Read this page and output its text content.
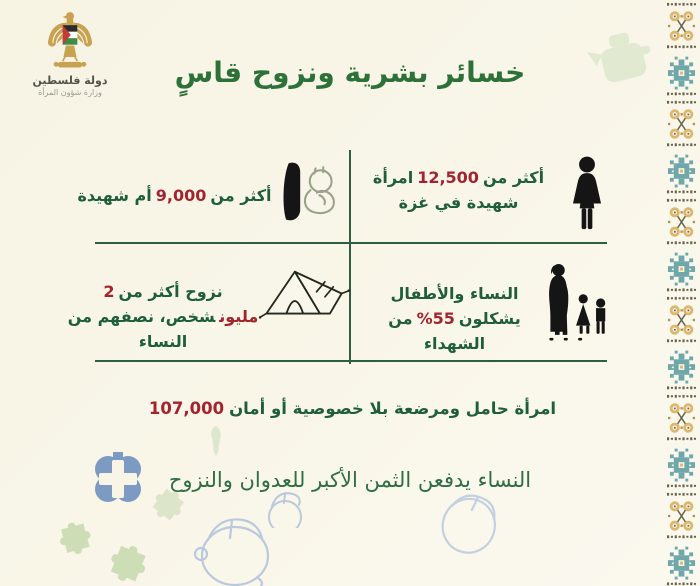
دولة فلسطين
وزارة شؤون المرأة
خسائر بشرية ونزوح قاسٍ
أكثر من12,500امرأة شهيدة في غزة
أكثر من9,000أم شهيدة
النساء والأطفال يشكلون55%من الشهداء
نزوح أكثر من2 مليونشخص، نصفهم من النساء
107,000 امرأة حامل ومرضعة بلا خصوصية أو أمان
النساء يدفعن الثمن الأكبر للعدوان والنزوح
